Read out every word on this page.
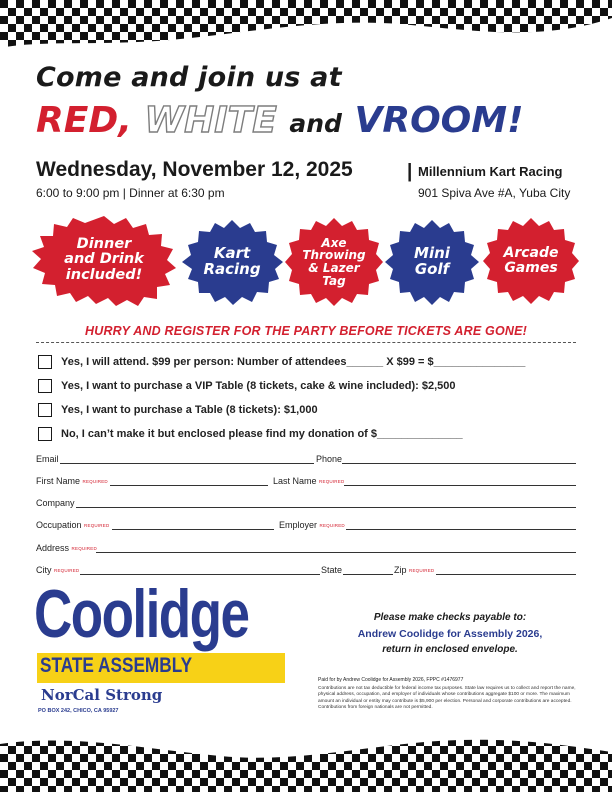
Come and join us at
RED, WHITE and VROOM!
Wednesday, November 12, 2025	|
6:00 to 9:00 pm | Dinner at 6:30 pm
Millennium Kart Racing
901 Spiva Ave #A, Yuba City
Dinner
and Drink
included!
Kart
Racing
Axe
Throwing
& Lazer
Tag
Mini
Golf
Arcade
Games
HURRY AND REGISTER FOR THE PARTY BEFORE TICKETS ARE GONE!
Yes, I will attend. $99 per person: Number of attendees______ X $99 = $_______________
Yes, I want to purchase a VIP Table (8 tickets, cake & wine included): $2,500
Yes, I want to purchase a Table (8 tickets): $1,000
No, I can’t make it but enclosed please find my donation of $______________
Email	Phone
First Name REQUIRED	Last Name REQUIRED
Company
Occupation REQUIRED	Employer REQUIRED
Address REQUIRED
City REQUIRED	State	Zip REQUIRED
Coolidge
STATE ASSEMBLY
NorCal Strong
PO BOX 242, CHICO, CA 95927
Please make checks payable to:
Andrew Coolidge for Assembly 2026,
return in enclosed envelope.
Paid for by Andrew Coolidge for Assembly 2026, FPPC #1476977
Contributions are not tax deductible for federal income tax purposes. State law requires us to collect and report the name, physical address, occupation, and employer of individuals whose contributions aggregate $100 or more. The maximum amount an individual or entity may contribute is $5,900 per election. Personal and corporate contributions are accepted. Contributions from foreign nationals are not permitted.
